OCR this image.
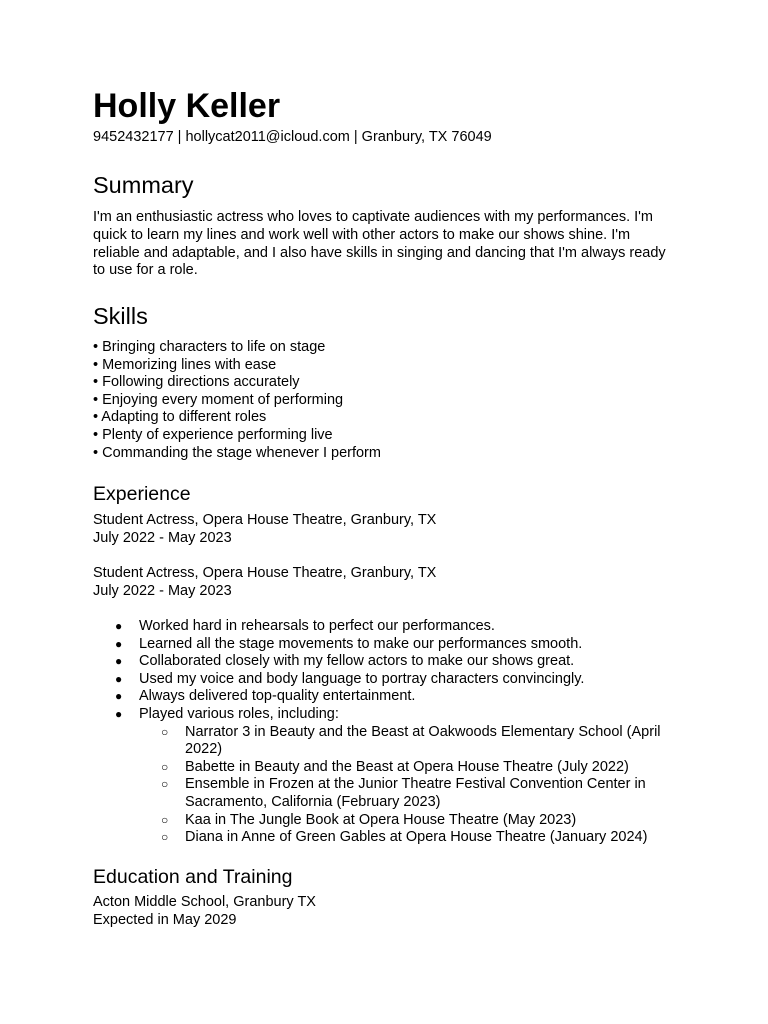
Holly Keller
9452432177 | hollycat2011@icloud.com | Granbury, TX 76049
Summary
I'm an enthusiastic actress who loves to captivate audiences with my performances. I'm quick to learn my lines and work well with other actors to make our shows shine. I'm reliable and adaptable, and I also have skills in singing and dancing that I'm always ready to use for a role.
Skills
• Bringing characters to life on stage
• Memorizing lines with ease
• Following directions accurately
• Enjoying every moment of performing
• Adapting to different roles
• Plenty of experience performing live
• Commanding the stage whenever I perform
Experience
Student Actress, Opera House Theatre, Granbury, TX
July 2022 - May 2023
Student Actress, Opera House Theatre, Granbury, TX
July 2022 - May 2023
● Worked hard in rehearsals to perfect our performances.
● Learned all the stage movements to make our performances smooth.
● Collaborated closely with my fellow actors to make our shows great.
● Used my voice and body language to portray characters convincingly.
● Always delivered top-quality entertainment.
● Played various roles, including:
○ Narrator 3 in Beauty and the Beast at Oakwoods Elementary School (April 2022)
○ Babette in Beauty and the Beast at Opera House Theatre (July 2022)
○ Ensemble in Frozen at the Junior Theatre Festival Convention Center in Sacramento, California (February 2023)
○ Kaa in The Jungle Book at Opera House Theatre (May 2023)
○ Diana in Anne of Green Gables at Opera House Theatre (January 2024)
Education and Training
Acton Middle School, Granbury TX
Expected in May 2029
